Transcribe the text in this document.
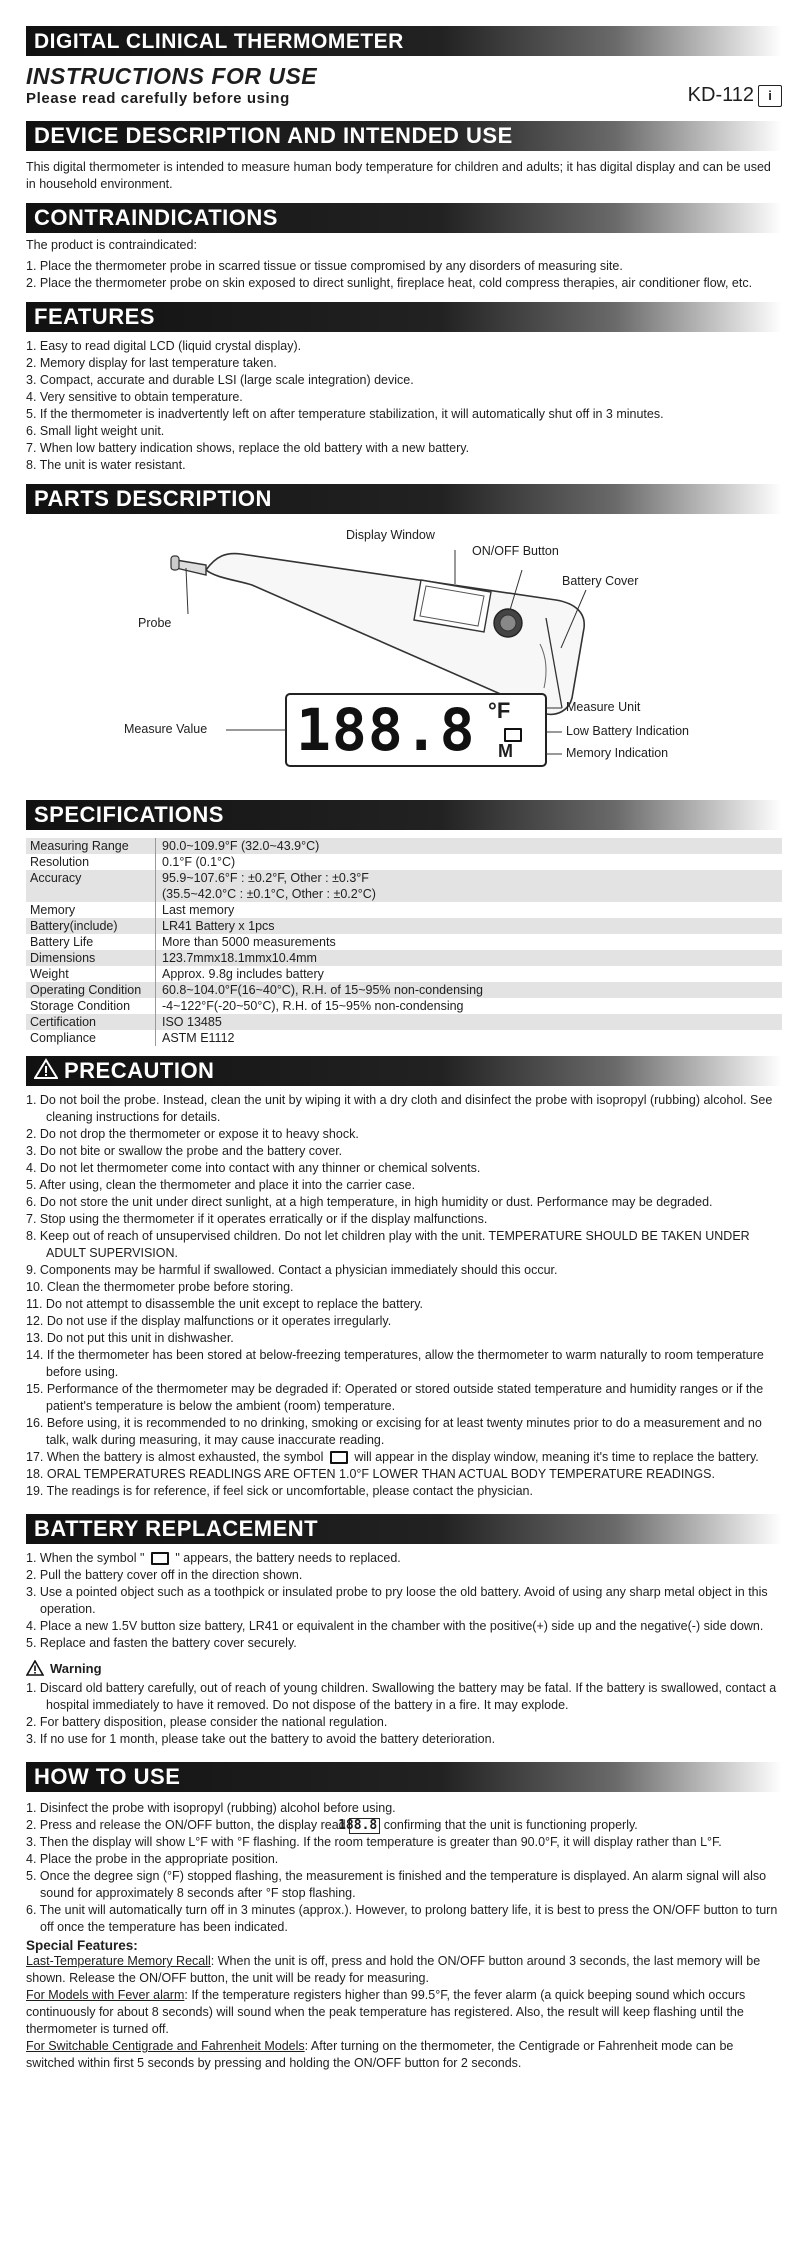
DIGITAL CLINICAL THERMOMETER
INSTRUCTIONS FOR USE
Please read carefully before using	KD-112	i
DEVICE DESCRIPTION AND INTENDED USE

This digital thermometer is intended to measure human body temperature for children and adults; it has digital display and can be used in household environment.

CONTRAINDICATIONS

The product is contraindicated:

1. Place the thermometer probe in scarred tissue or tissue compromised by any disorders of measuring site.
2. Place the thermometer probe on skin exposed to direct sunlight, fireplace heat, cold compress therapies, air conditioner flow, etc.
FEATURES
1. Easy to read digital LCD (liquid crystal display).
2. Memory display for last temperature taken.
3. Compact, accurate and durable LSI (large scale integration) device.
4. Very sensitive to obtain temperature.
5. If the thermometer is inadvertently left on after temperature stabilization, it will automatically shut off in 3 minutes.
6. Small light weight unit.
7. When low battery indication shows, replace the old battery with a new battery.
8. The unit is water resistant.
PARTS DESCRIPTION
Display Window
ON/OFF Button
Battery Cover
Probe
188.8 °F
M
Measure Value
Measure Unit
Low Battery Indication
Memory Indication
SPECIFICATIONS
Measuring Range	90.0~109.9°F (32.0~43.9°C)

Resolution	0.1°F (0.1°C)

Accuracy	95.9~107.6°F : ±0.2°F, Other : ±0.3°F
(35.5~42.0°C : ±0.1°C, Other : ±0.2°C)

Memory	Last memory

Battery(include)	LR41 Battery x 1pcs

Battery Life	More than 5000 measurements

Dimensions	123.7mmx18.1mmx10.4mm

Weight	Approx. 9.8g includes battery

Operating Condition	60.8~104.0°F(16~40°C), R.H. of 15~95% non-condensing

Storage Condition	-4~122°F(-20~50°C), R.H. of 15~95% non-condensing

Certification	ISO 13485

Compliance	ASTM E1112
PRECAUTION
1. Do not boil the probe. Instead, clean the unit by wiping it with a dry cloth and disinfect the probe with isopropyl (rubbing) alcohol. See cleaning instructions for details.
2. Do not drop the thermometer or expose it to heavy shock.
3. Do not bite or swallow the probe and the battery cover.
4. Do not let thermometer come into contact with any thinner or chemical solvents.
5. After using, clean the thermometer and place it into the carrier case.
6. Do not store the unit under direct sunlight, at a high temperature, in high humidity or dust. Performance may be degraded.
7. Stop using the thermometer if it operates erratically or if the display malfunctions.
8. Keep out of reach of unsupervised children. Do not let children play with the unit. TEMPERATURE SHOULD BE TAKEN UNDER ADULT SUPERVISION.
9. Components may be harmful if swallowed. Contact a physician immediately should this occur.
10. Clean the thermometer probe before storing.
11. Do not attempt to disassemble the unit except to replace the battery.
12. Do not use if the display malfunctions or it operates irregularly.
13. Do not put this unit in dishwasher.
14. If the thermometer has been stored at below-freezing temperatures, allow the thermometer to warm naturally to room temperature before using.
15. Performance of the thermometer may be degraded if: Operated or stored outside stated temperature and humidity ranges or if the patient's temperature is below the ambient (room) temperature.
16. Before using, it is recommended to no drinking, smoking or excising for at least twenty minutes prior to do a measurement and no talk, walk during measuring, it may cause inaccurate reading.
17. When the battery is almost exhausted, the symbol  will appear in the display window, meaning it's time to replace the battery.
18. ORAL TEMPERATURES READLINGS ARE OFTEN 1.0°F LOWER THAN ACTUAL BODY TEMPERATURE READINGS.
19. The readings is for reference, if feel sick or uncomfortable, please contact the physician.
BATTERY REPLACEMENT
1. When the symbol "  " appears, the battery needs to replaced.
2. Pull the battery cover off in the direction shown.
3. Use a pointed object such as a toothpick or insulated probe to pry loose the old battery. Avoid of using any sharp metal object in this operation.
4. Place a new 1.5V button size battery, LR41 or equivalent in the chamber with the positive(+) side up and the negative(-) side down.
5. Replace and fasten the battery cover securely.
Warning
1. Discard old battery carefully, out of reach of young children. Swallowing the battery may be fatal. If the battery is swallowed, contact a hospital immediately to have it removed. Do not dispose of the battery in a fire. It may explode.
2. For battery disposition, please consider the national regulation.
3. If no use for 1 month, please take out the battery to avoid the battery deterioration.
HOW TO USE
1. Disinfect the probe with isopropyl (rubbing) alcohol before using.
2. Press and release the ON/OFF button, the display read 188.8 confirming that the unit is functioning properly.
3. Then the display will show L°F with °F flashing. If the room temperature is greater than 90.0°F, it will display rather than L°F.
4. Place the probe in the appropriate position.
5. Once the degree sign (°F) stopped flashing, the measurement is finished and the temperature is displayed. An alarm signal will also sound for approximately 8 seconds after °F stop flashing.
6. The unit will automatically turn off in 3 minutes (approx.). However, to prolong battery life, it is best to press the ON/OFF button to turn off once the temperature has been indicated.
Special Features:

Last-Temperature Memory Recall: When the unit is off, press and hold the ON/OFF button around 3 seconds, the last memory will be shown. Release the ON/OFF button, the unit will be ready for measuring.

For Models with Fever alarm: If the temperature registers higher than 99.5°F, the fever alarm (a quick beeping sound which occurs continuously for about 8 seconds) will sound when the peak temperature has registered. Also, the result will keep flashing until the thermometer is turned off.

For Switchable Centigrade and Fahrenheit Models: After turning on the thermometer, the Centigrade or Fahrenheit mode can be switched within first 5 seconds by pressing and holding the ON/OFF button for 2 seconds.
